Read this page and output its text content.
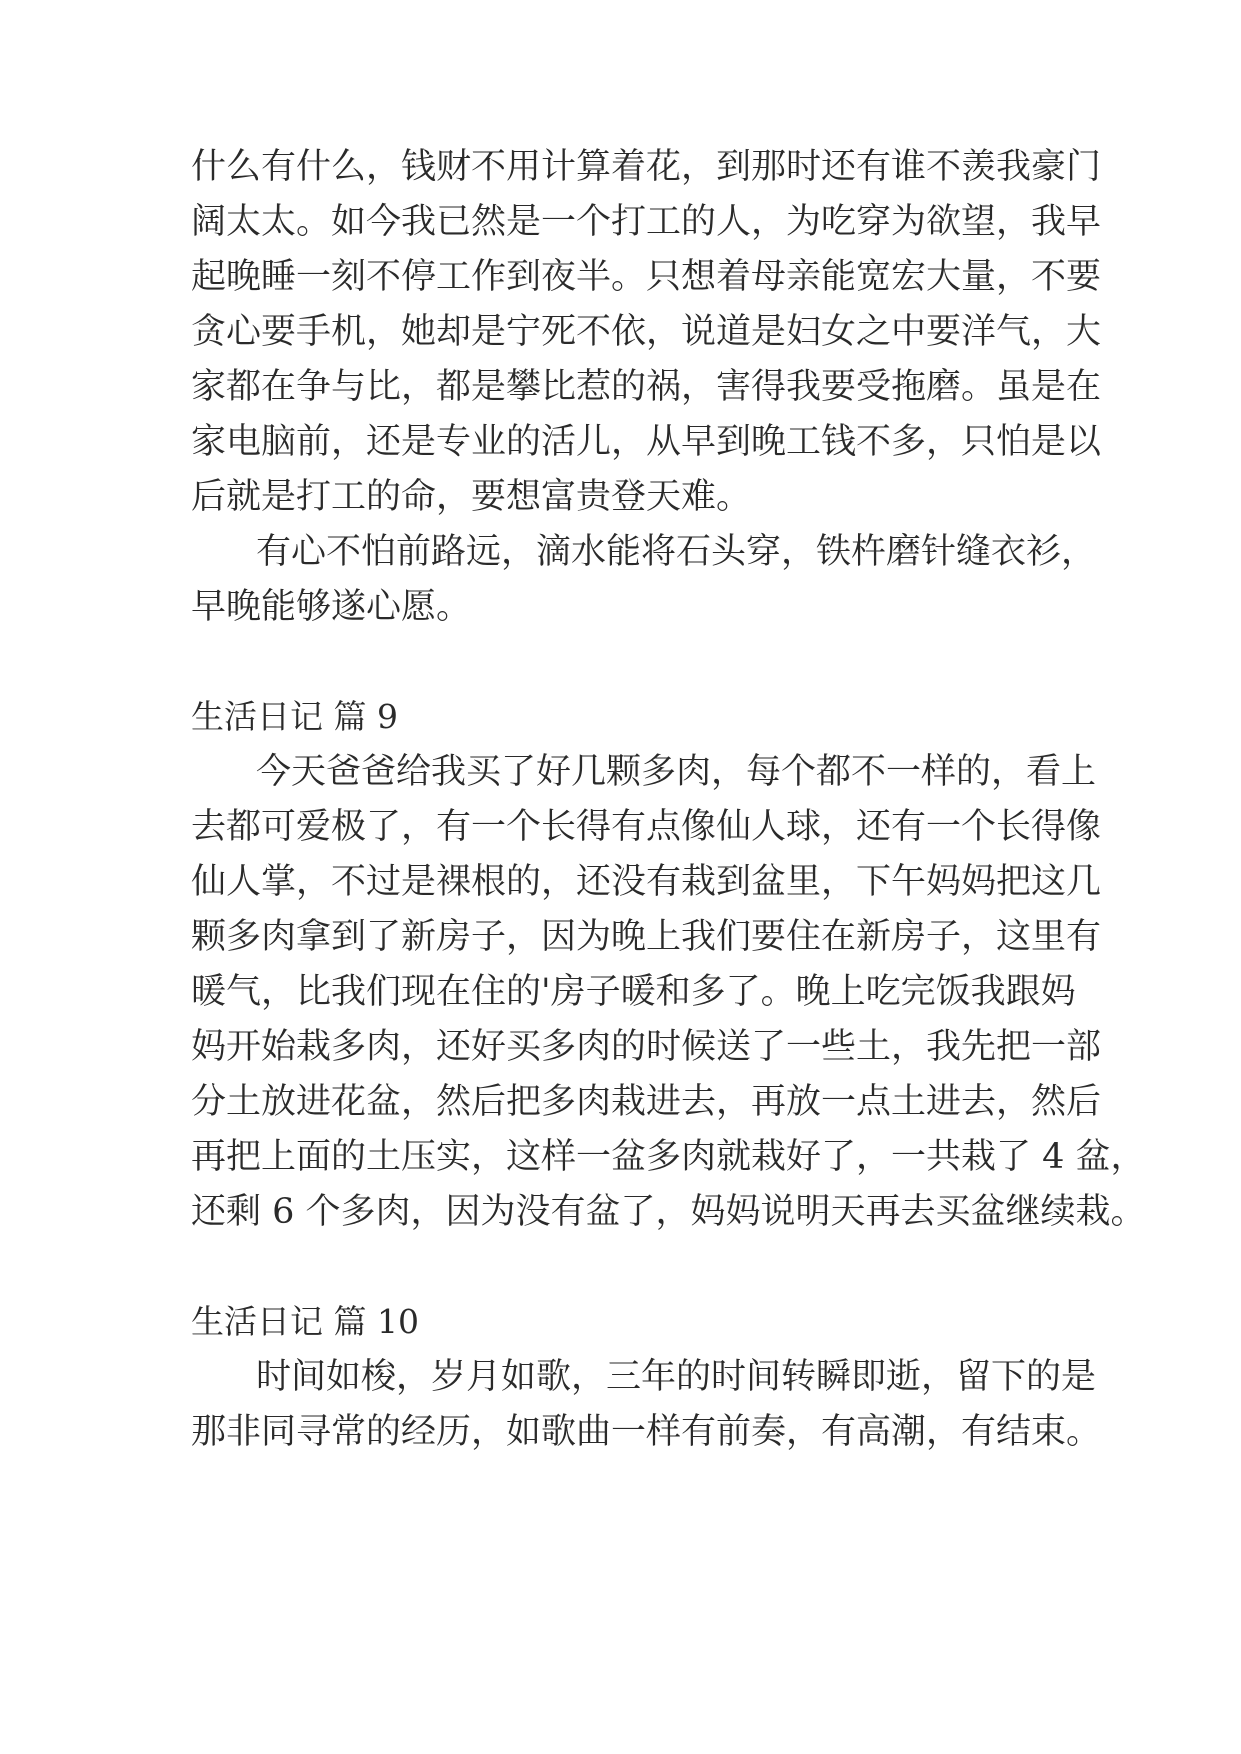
什么有什么，钱财不用计算着花，到那时还有谁不羡我豪门
阔太太。如今我已然是一个打工的人，为吃穿为欲望，我早
起晚睡一刻不停工作到夜半。只想着母亲能宽宏大量，不要
贪心要手机，她却是宁死不依，说道是妇女之中要洋气，大
家都在争与比，都是攀比惹的祸，害得我要受拖磨。虽是在
家电脑前，还是专业的活儿，从早到晚工钱不多，只怕是以
后就是打工的命，要想富贵登天难。
有心不怕前路远，滴水能将石头穿，铁杵磨针缝衣衫，
早晚能够遂心愿。
生活日记 篇 9
今天爸爸给我买了好几颗多肉，每个都不一样的，看上
去都可爱极了，有一个长得有点像仙人球，还有一个长得像
仙人掌，不过是裸根的，还没有栽到盆里，下午妈妈把这几
颗多肉拿到了新房子，因为晚上我们要住在新房子，这里有
暖气，比我们现在住的'房子暖和多了。晚上吃完饭我跟妈
妈开始栽多肉，还好买多肉的时候送了一些土，我先把一部
分土放进花盆，然后把多肉栽进去，再放一点土进去，然后
再把上面的土压实，这样一盆多肉就栽好了，一共栽了 4 盆，
还剩 6 个多肉，因为没有盆了，妈妈说明天再去买盆继续栽。
生活日记 篇 10
时间如梭，岁月如歌，三年的时间转瞬即逝，留下的是
那非同寻常的经历，如歌曲一样有前奏，有高潮，有结束。
